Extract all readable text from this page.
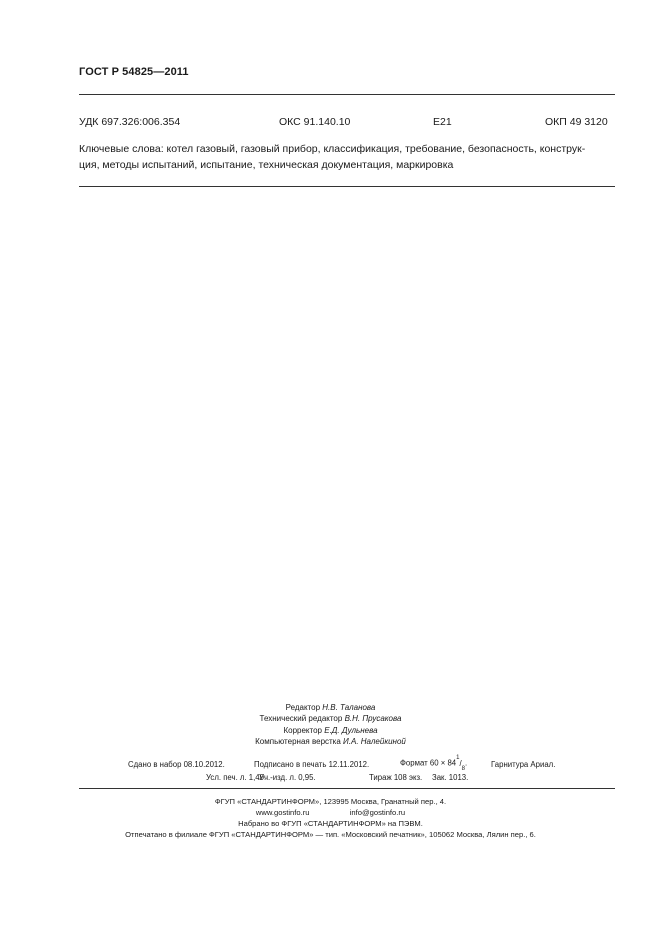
ГОСТ Р 54825—2011
УДК 697.326:006.354	ОКС 91.140.10	Е21	ОКП 49 3120
Ключевые слова: котел газовый, газовый прибор, классификация, требование, безопасность, конструк-
ция, методы испытаний, испытание, техническая документация, маркировка
Редактор Н.В. Таланова
Технический редактор В.Н. Прусакова
Корректор Е.Д. Дульнева
Компьютерная верстка И.А. Налейкиной
Сдано в набор 08.10.2012.	Подписано в печать 12.11.2012.	Формат $60 \times 84^1/_8$.	Гарнитура Ариал.
Усл. печ. л. 1,40.
Уч.-изд. л. 0,95.	Тираж 108 экз. Зак. 1013.
ФГУП «СТАНДАРТИНФОРМ», 123995 Москва, Гранатный пер., 4.
www.gostinfo.ru	info@gostinfo.ru
Набрано во ФГУП «СТАНДАРТИНФОРМ» на ПЭВМ.
Отпечатано в филиале ФГУП «СТАНДАРТИНФОРМ» — тип. «Московский печатник», 105062 Москва, Лялин пер., 6.
